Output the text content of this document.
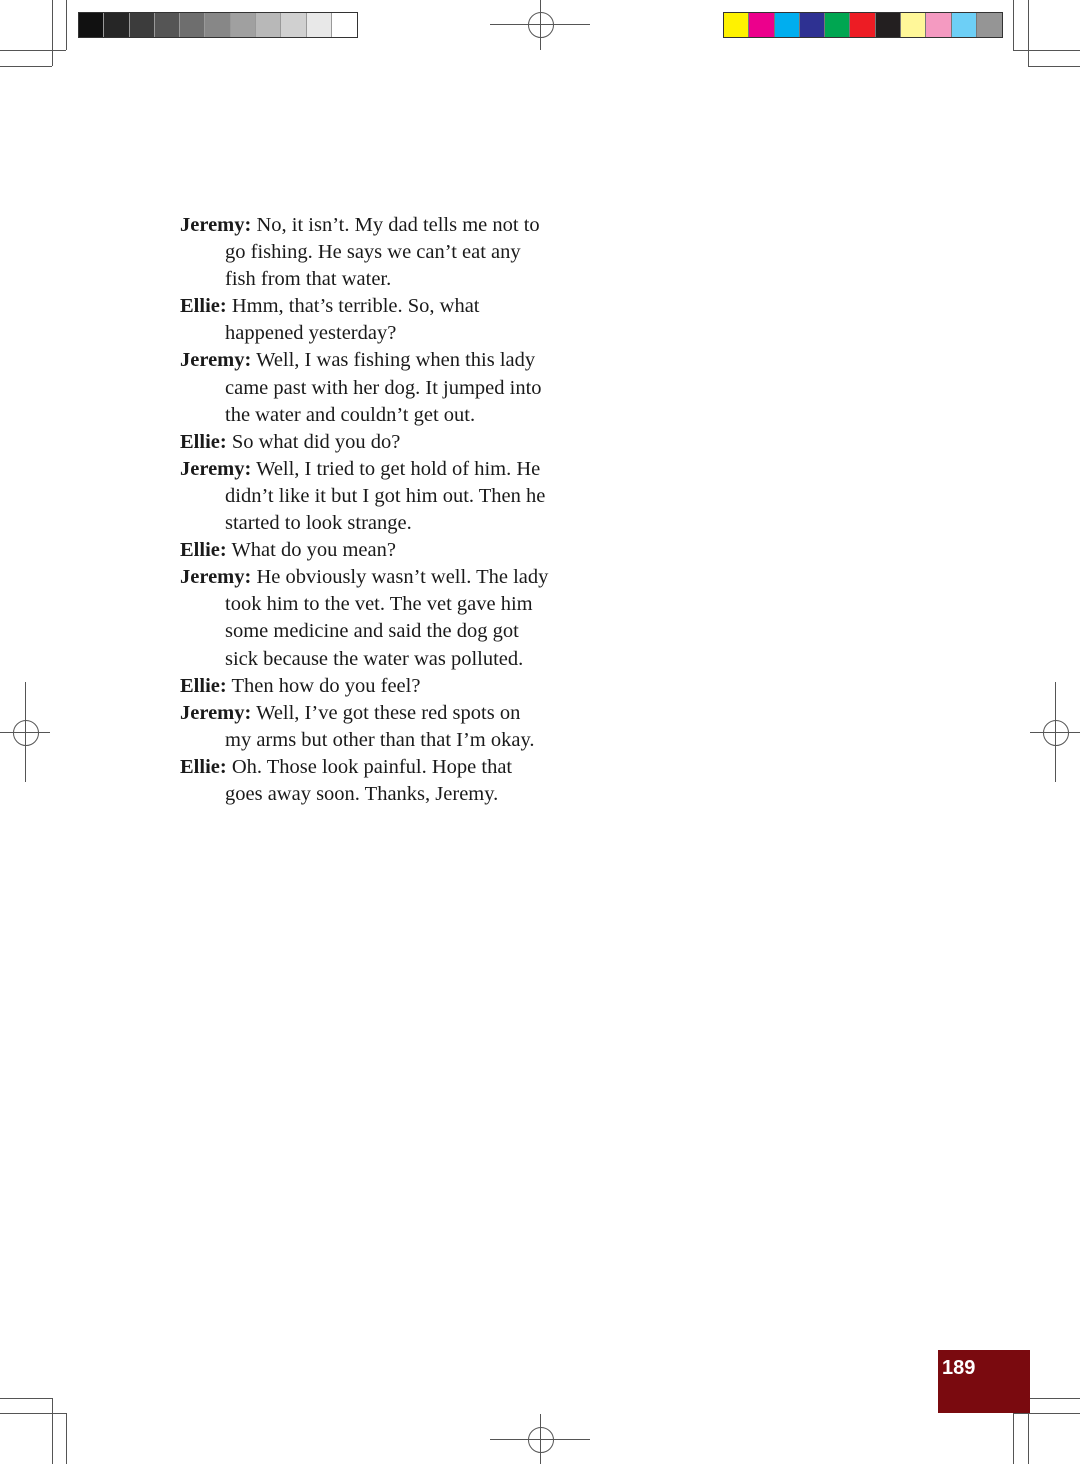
Jeremy: No, it isn’t. My dad tells me not to go fishing. He says we can’t eat any fish from that water.

Ellie: Hmm, that’s terrible. So, what happened yesterday?

Jeremy: Well, I was fishing when this lady came past with her dog. It jumped into the water and couldn’t get out.

Ellie: So what did you do?

Jeremy: Well, I tried to get hold of him. He didn’t like it but I got him out. Then he started to look strange.

Ellie: What do you mean?

Jeremy: He obviously wasn’t well. The lady took him to the vet. The vet gave him some medicine and said the dog got sick because the water was polluted.

Ellie: Then how do you feel?

Jeremy: Well, I’ve got these red spots on my arms but other than that I’m okay.

Ellie: Oh. Those look painful. Hope that goes away soon. Thanks, Jeremy.

189
